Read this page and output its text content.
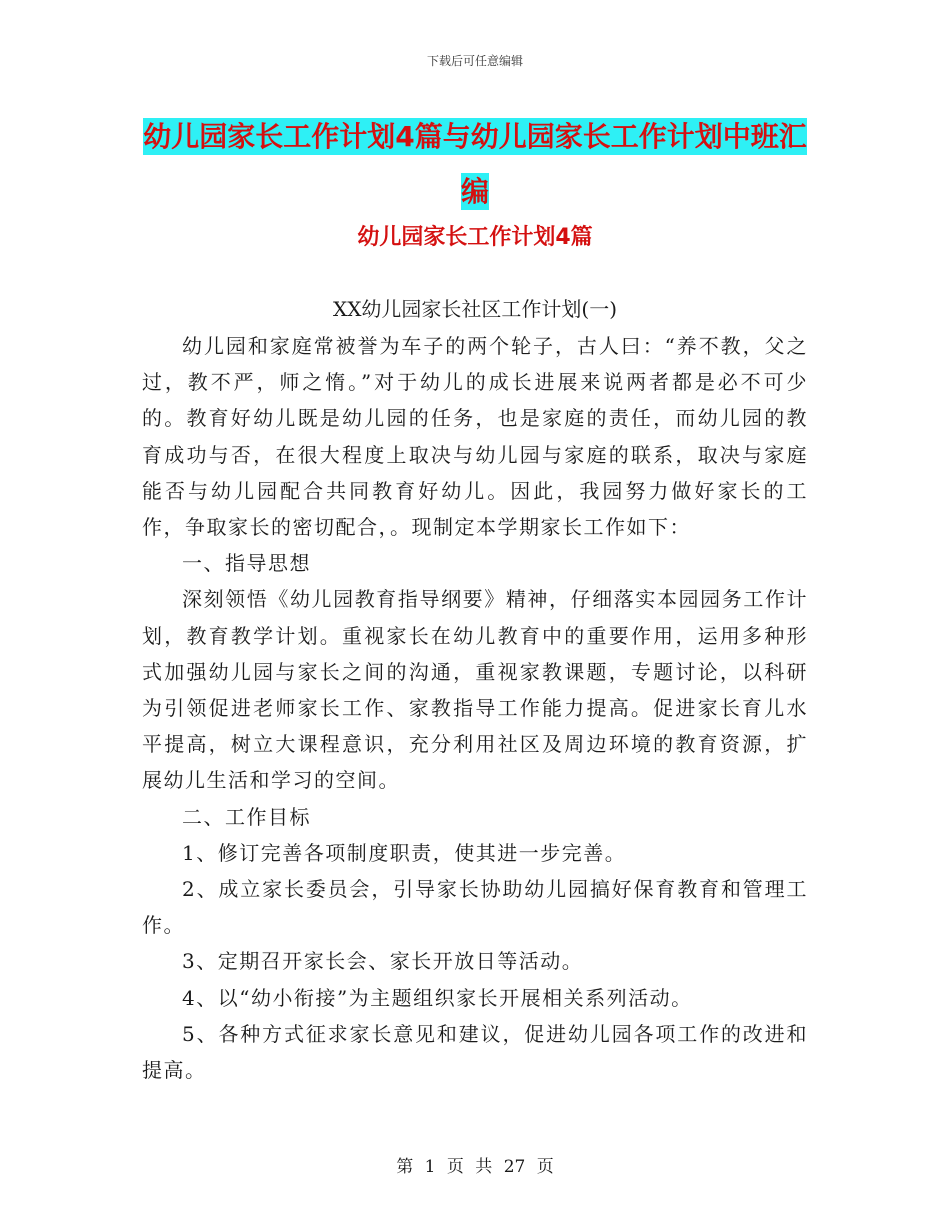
下载后可任意编辑
幼儿园家长工作计划4篇与幼儿园家长工作计划中班汇编
幼儿园家长工作计划4篇
XX幼儿园家长社区工作计划(一)

幼儿园和家庭常被誉为车子的两个轮子，古人曰：“养不教，父之过，教不严，师之惰。”对于幼儿的成长进展来说两者都是必不可少的。教育好幼儿既是幼儿园的任务，也是家庭的责任，而幼儿园的教育成功与否，在很大程度上取决与幼儿园与家庭的联系，取决与家庭能否与幼儿园配合共同教育好幼儿。因此，我园努力做好家长的工作，争取家长的密切配合，。现制定本学期家长工作如下：

一、指导思想

深刻领悟《幼儿园教育指导纲要》精神，仔细落实本园园务工作计划，教育教学计划。重视家长在幼儿教育中的重要作用，运用多种形式加强幼儿园与家长之间的沟通，重视家教课题，专题讨论，以科研为引领促进老师家长工作、家教指导工作能力提高。促进家长育儿水平提高，树立大课程意识，充分利用社区及周边环境的教育资源，扩展幼儿生活和学习的空间。

二、工作目标

1、修订完善各项制度职责，使其进一步完善。

2、成立家长委员会，引导家长协助幼儿园搞好保育教育和管理工作。

3、定期召开家长会、家长开放日等活动。

4、以“幼小衔接”为主题组织家长开展相关系列活动。

5、各种方式征求家长意见和建议，促进幼儿园各项工作的改进和提高。

第 1 页 共 27 页
